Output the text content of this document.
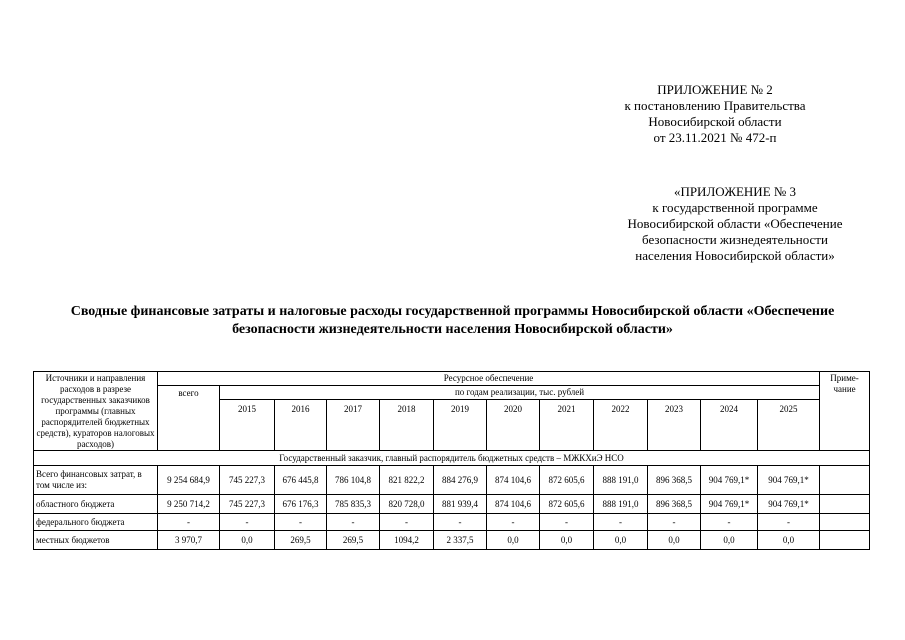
ПРИЛОЖЕНИЕ № 2
к постановлению Правительства
Новосибирской области
от 23.11.2021 № 472-п
«ПРИЛОЖЕНИЕ № 3
к государственной программе
Новосибирской области «Обеспечение
безопасности жизнедеятельности
населения Новосибирской области»
Сводные финансовые затраты и налоговые расходы государственной программы Новосибирской области «Обеспечение
безопасности жизнедеятельности населения Новосибирской области»
Источники и направления расходов в разрезе государственных заказчиков программы (главных распорядителей бюджетных средств), кураторов налоговых расходов)	Ресурсное обеспечение												Приме-чание
	всего	по годам реализации, тыс. рублей											
		2015	2016	2017	2018	2019	2020	2021	2022	2023	2024	2025	
Государственный заказчик, главный распорядитель бюджетных средств – МЖКХиЭ НСО													
Всего финансовых затрат, в том числе из:	9 254 684,9	745 227,3	676 445,8	786 104,8	821 822,2	884 276,9	874 104,6	872 605,6	888 191,0	896 368,5	904 769,1*	904 769,1*	
областного бюджета	9 250 714,2	745 227,3	676 176,3	785 835,3	820 728,0	881 939,4	874 104,6	872 605,6	888 191,0	896 368,5	904 769,1*	904 769,1*	
федерального бюджета	-	-	-	-	-	-	-	-	-	-	-	-	
местных бюджетов	3 970,7	0,0	269,5	269,5	1094,2	2 337,5	0,0	0,0	0,0	0,0	0,0	0,0	
